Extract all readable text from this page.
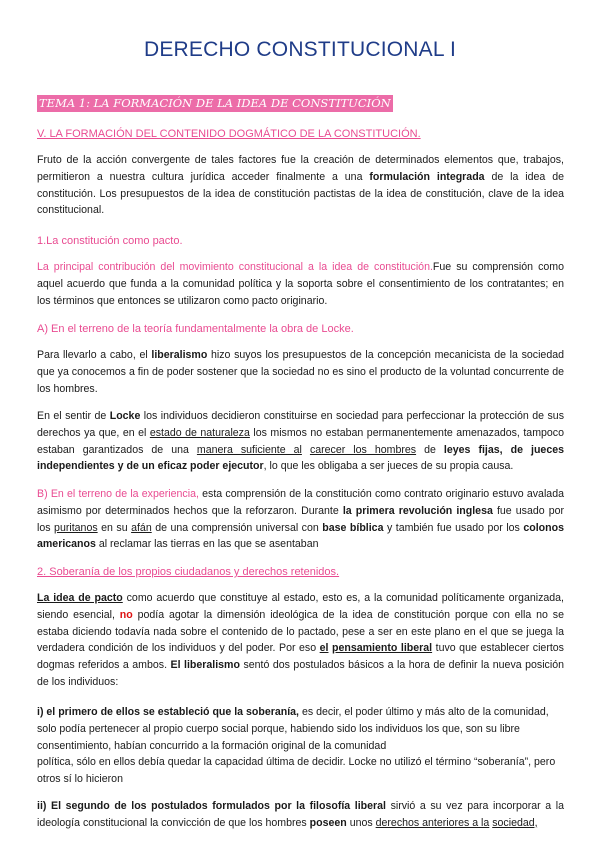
DERECHO CONSTITUCIONAL I
TEMA 1: LA FORMACIÓN DE LA IDEA DE CONSTITUCIÓN

V. LA FORMACIÓN DEL CONTENIDO DOGMÁTICO DE LA CONSTITUCIÓN.

Fruto de la acción convergente de tales factores fue la creación de determinados elementos que, trabajos, permitieron a nuestra cultura jurídica acceder finalmente a una formulación integrada de la idea de constitución. Los presupuestos de la idea de constitución pactistas de la idea de constitución, clave de la idea constitucional.

1.La constitución como pacto.

La principal contribución del movimiento constitucional a la idea de constitución.Fue su comprensión como aquel acuerdo que funda a la comunidad política y la soporta sobre el consentimiento de los contratantes; en los términos que entonces se utilizaron como pacto originario.

A) En el terreno de la teoría fundamentalmente la obra de Locke.

Para llevarlo a cabo, el liberalismo hizo suyos los presupuestos de la concepción mecanicista de la sociedad que ya conocemos a fin de poder sostener que la sociedad no es sino el producto de la voluntad concurrente de los hombres.

En el sentir de Locke los individuos decidieron constituirse en sociedad para perfeccionar la protección de sus derechos ya que, en el estado de naturaleza los mismos no estaban permanentemente amenazados, tampoco estaban garantizados de una manera suficiente al carecer los hombres de leyes fijas, de jueces independientes y de un eficaz poder ejecutor, lo que les obligaba a ser jueces de su propia causa.

B) En el terreno de la experiencia, esta comprensión de la constitución como contrato originario estuvo avalada asimismo por determinados hechos que la reforzaron. Durante la primera revolución inglesa fue usado por los puritanos en su afán de una comprensión universal con base bíblica y también fue usado por los colonos americanos al reclamar las tierras en las que se asentaban

2. Soberanía de los propios ciudadanos y derechos retenidos.

La idea de pacto como acuerdo que constituye al estado, esto es, a la comunidad políticamente organizada, siendo esencial, no podía agotar la dimensión ideológica de la idea de constitución porque con ella no se estaba diciendo todavía nada sobre el contenido de lo pactado, pese a ser en este plano en el que se juega la verdadera condición de los individuos y del poder. Por eso el pensamiento liberal tuvo que establecer ciertos dogmas referidos a ambos. El liberalismo sentó dos postulados básicos a la hora de definir la nueva posición de los individuos:

i) el primero de ellos se estableció que la soberanía, es decir, el poder último y más alto de la comunidad, solo podía pertenecer al propio cuerpo social porque, habiendo sido los individuos los que, son su libre consentimiento, habían concurrido a la formación original de la comunidad
política, sólo en ellos debía quedar la capacidad última de decidir. Locke no utilizó el término “soberanía”, pero otros sí lo hicieron

ii) El segundo de los postulados formulados por la filosofía liberal sirvió a su vez para incorporar a la ideología constitucional la convicción de que los hombres poseen unos derechos anteriores a la sociedad,
